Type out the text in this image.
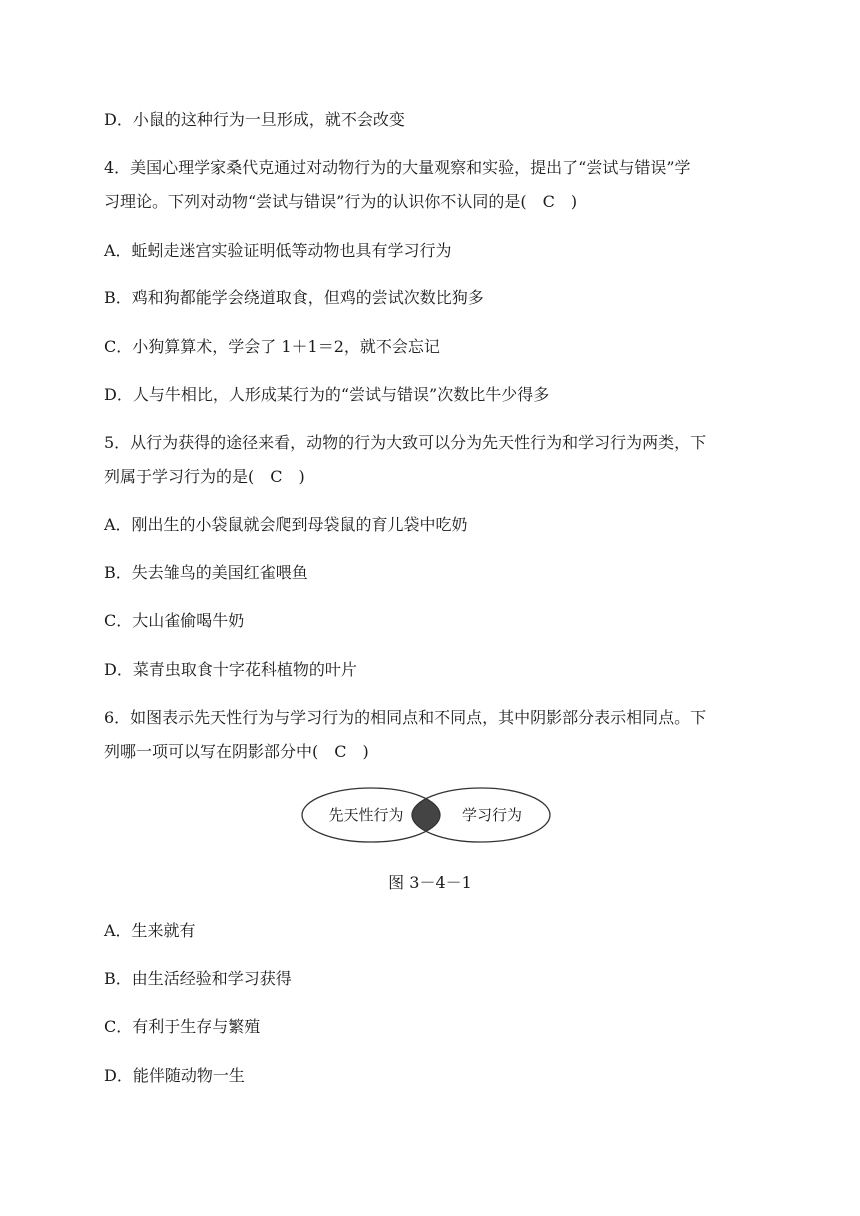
D．小鼠的这种行为一旦形成，就不会改变
4．美国心理学家桑代克通过对动物行为的大量观察和实验，提出了“尝试与错误”学
习理论。下列对动物“尝试与错误”行为的认识你不认同的是(　C　)
A．蚯蚓走迷宫实验证明低等动物也具有学习行为
B．鸡和狗都能学会绕道取食，但鸡的尝试次数比狗多
C．小狗算算术，学会了 1＋1＝2，就不会忘记
D．人与牛相比，人形成某行为的“尝试与错误”次数比牛少得多
5．从行为获得的途径来看，动物的行为大致可以分为先天性行为和学习行为两类，下
列属于学习行为的是(　C　)
A．刚出生的小袋鼠就会爬到母袋鼠的育儿袋中吃奶
B．失去雏鸟的美国红雀喂鱼
C．大山雀偷喝牛奶
D．菜青虫取食十字花科植物的叶片
6．如图表示先天性行为与学习行为的相同点和不同点，其中阴影部分表示相同点。下
列哪一项可以写在阴影部分中(　C　)
先天性行为	学习行为
图 3－4－1
A．生来就有
B．由生活经验和学习获得
C．有利于生存与繁殖
D．能伴随动物一生
